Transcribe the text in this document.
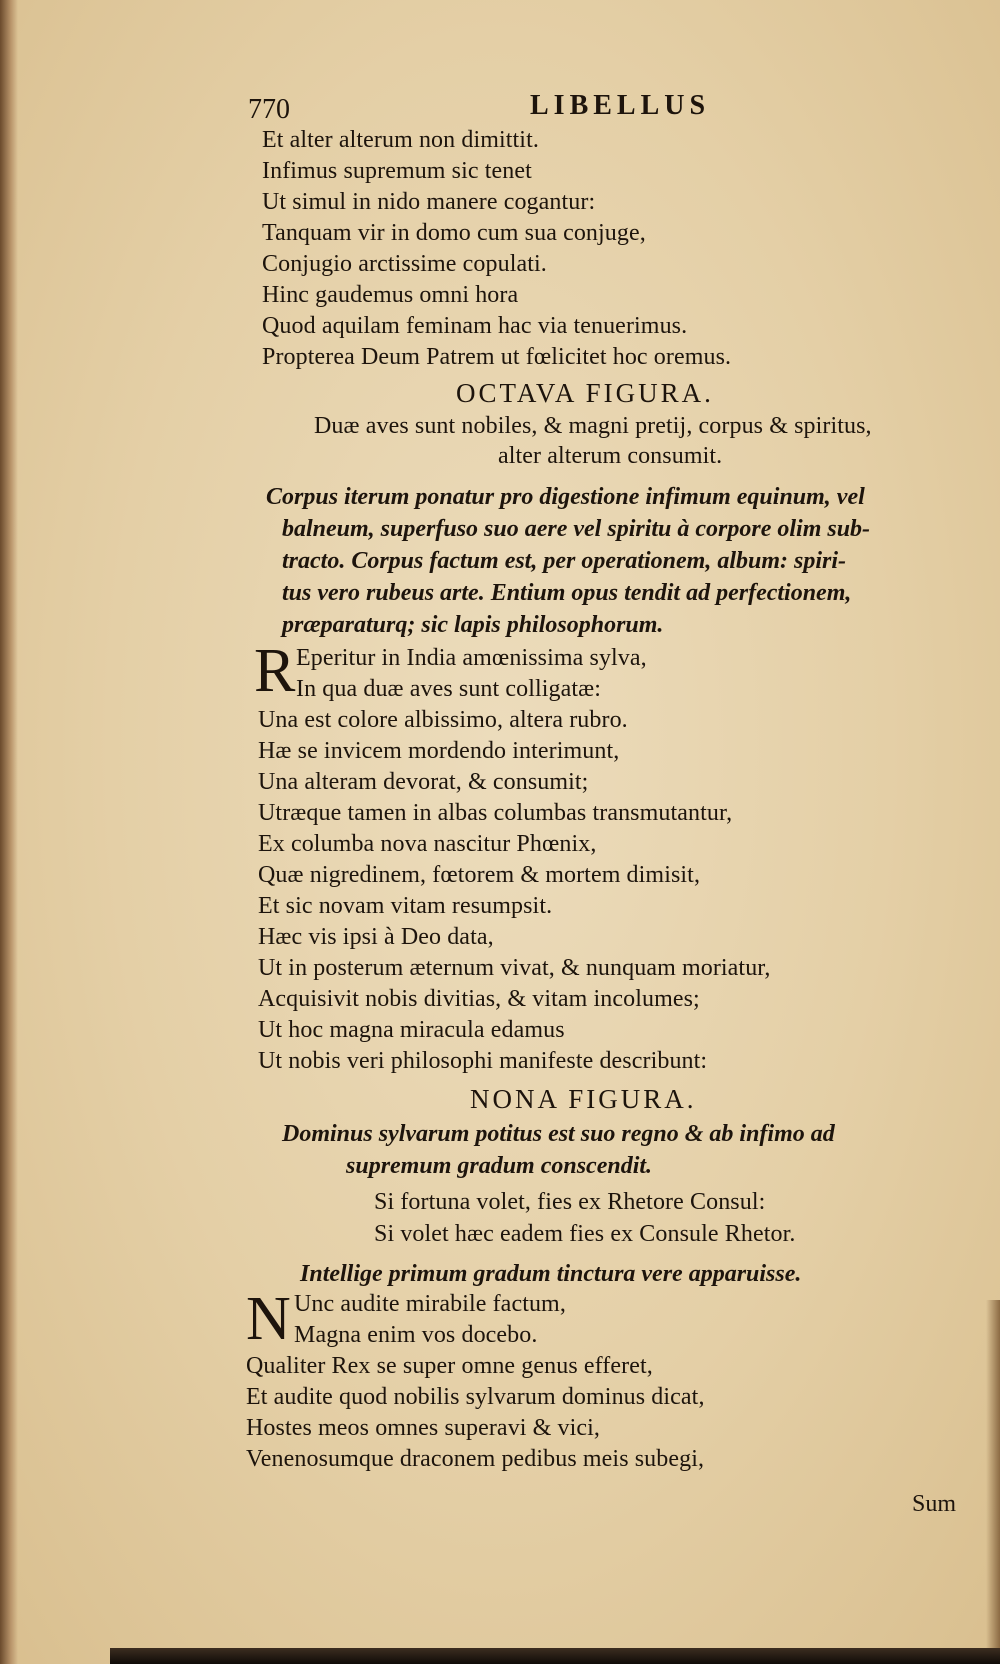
770	LIBELLUS
Et alter alterum non dimittit.
Infimus supremum sic tenet
Ut simul in nido manere cogantur:
Tanquam vir in domo cum sua conjuge,
Conjugio arctissime copulati.
Hinc gaudemus omni hora
Quod aquilam feminam hac via tenuerimus.
Propterea Deum Patrem ut fœlicitet hoc oremus.
OCTAVA FIGURA.
Duæ aves sunt nobiles, & magni pretij, corpus & spiritus,
alter alterum consumit.
Corpus iterum ponatur pro digestione infimum equinum, vel
balneum, superfuso suo aere vel spiritu à corpore olim sub-
tracto. Corpus factum est, per operationem, album: spiri-
tus vero rubeus arte. Entium opus tendit ad perfectionem,
præparaturq; sic lapis philosophorum.
R Eperitur in India amœnissima sylva,
In qua duæ aves sunt colligatæ:
Una est colore albissimo, altera rubro.
Hæ se invicem mordendo interimunt,
Una alteram devorat, & consumit;
Utræque tamen in albas columbas transmutantur,
Ex columba nova nascitur Phœnix,
Quæ nigredinem, fœtorem & mortem dimisit,
Et sic novam vitam resumpsit.
Hæc vis ipsi à Deo data,
Ut in posterum æternum vivat, & nunquam moriatur,
Acquisivit nobis divitias, & vitam incolumes;
Ut hoc magna miracula edamus
Ut nobis veri philosophi manifeste describunt:
NONA FIGURA.
Dominus sylvarum potitus est suo regno & ab infimo ad
supremum gradum conscendit.
Si fortuna volet, fies ex Rhetore Consul:
Si volet hæc eadem fies ex Consule Rhetor.
Intellige primum gradum tinctura vere apparuisse.
N Unc audite mirabile factum,
Magna enim vos docebo.
Qualiter Rex se super omne genus efferet,
Et audite quod nobilis sylvarum dominus dicat,
Hostes meos omnes superavi & vici,
Venenosumque draconem pedibus meis subegi,
Sum
